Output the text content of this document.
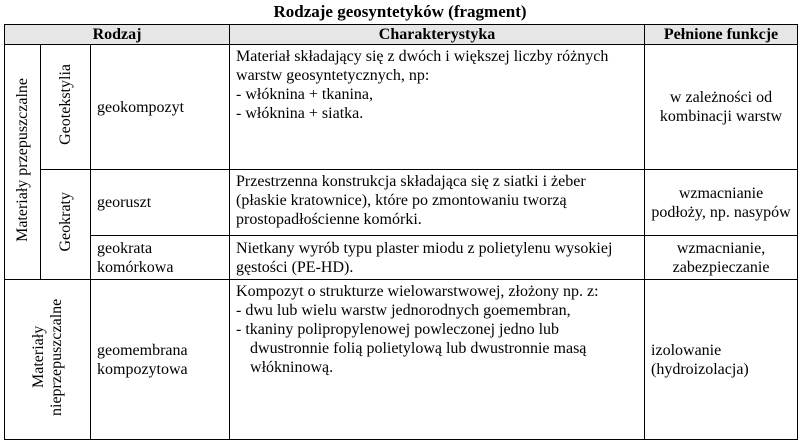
Rodzaje geosyntetyków (fragment)
Rodzaj			Charakterystyka	Pełnione funkcje
Materiały przepuszczalne	Geotekstylia	geokompozyt	Materiał składający się z dwóch i większej liczby różnych warstw geosyntetycznych, np:
- włóknina + tkanina,
- włóknina + siatka.	w zależności od kombinacji warstw
	Geokraty	georuszt	Przestrzenna konstrukcja składająca się z siatki i żeber (płaskie kratownice), które po zmontowaniu tworzą prostopadłościenne komórki.	wzmacnianie podłoży, np. nasypów
		geokrata komórkowa	Nietkany wyrób typu plaster miodu z polietylenu wysokiej gęstości (PE-HD).	wzmacnianie, zabezpieczanie
Materiały nieprzepuszczalne		geomembrana kompozytowa	Kompozyt o strukturze wielowarstwowej, złożony np. z:
- dwu lub wielu warstw jednorodnych goemembran,
- tkaniny polipropylenowej powleczonej jedno lub
dwustronnie folią polietylową lub dwustronnie masą włókninową.	izolowanie (hydroizolacja)
